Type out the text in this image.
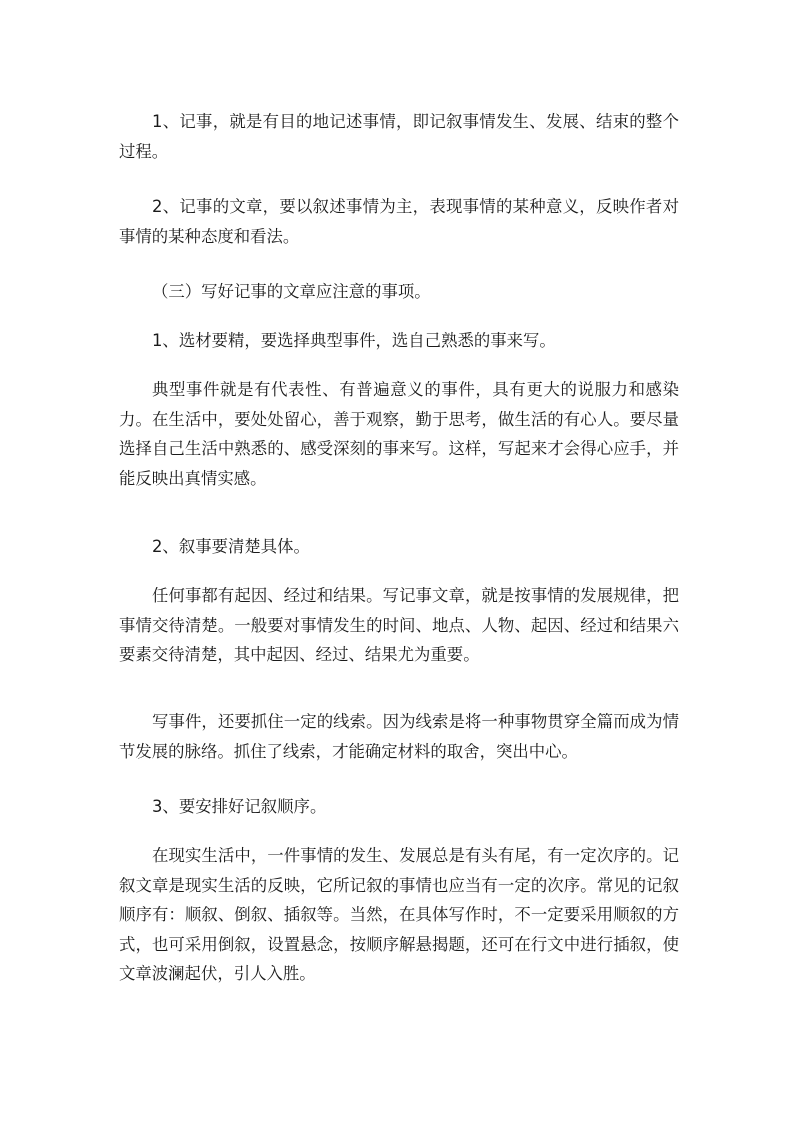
1、记事，就是有目的地记述事情，即记叙事情发生、发展、结束的整个过程。

2、记事的文章，要以叙述事情为主，表现事情的某种意义，反映作者对事情的某种态度和看法。

（三）写好记事的文章应注意的事项。

1、选材要精，要选择典型事件，选自己熟悉的事来写。

典型事件就是有代表性、有普遍意义的事件，具有更大的说服力和感染力。在生活中，要处处留心，善于观察，勤于思考，做生活的有心人。要尽量选择自己生活中熟悉的、感受深刻的事来写。这样，写起来才会得心应手，并能反映出真情实感。

2、叙事要清楚具体。

任何事都有起因、经过和结果。写记事文章，就是按事情的发展规律，把事情交待清楚。一般要对事情发生的时间、地点、人物、起因、经过和结果六要素交待清楚，其中起因、经过、结果尤为重要。

写事件，还要抓住一定的线索。因为线索是将一种事物贯穿全篇而成为情节发展的脉络。抓住了线索，才能确定材料的取舍，突出中心。

3、要安排好记叙顺序。

在现实生活中，一件事情的发生、发展总是有头有尾，有一定次序的。记叙文章是现实生活的反映，它所记叙的事情也应当有一定的次序。常见的记叙顺序有：顺叙、倒叙、插叙等。当然，在具体写作时，不一定要采用顺叙的方式，也可采用倒叙，设置悬念，按顺序解悬揭题，还可在行文中进行插叙，使文章波澜起伏，引人入胜。
